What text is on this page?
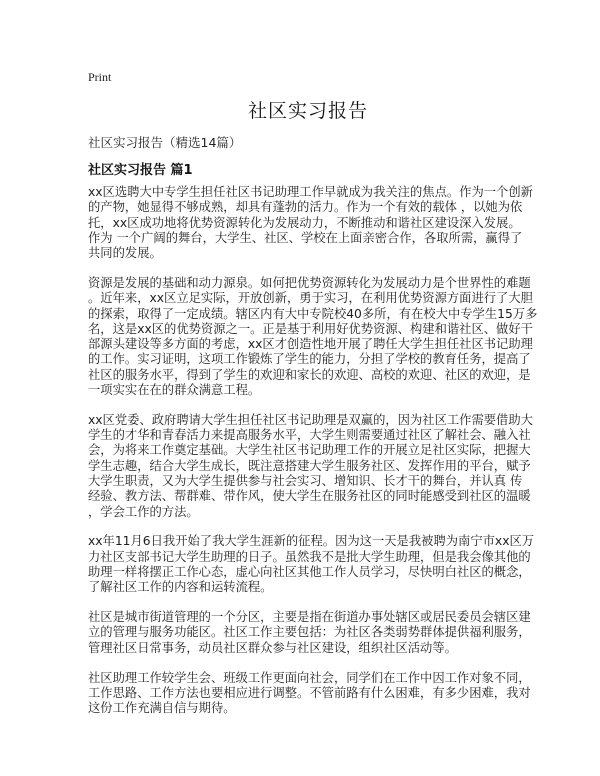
Print
社区实习报告
社区实习报告（精选14篇）
社区实习报告 篇1

xx区选聘大中专学生担任社区书记助理工作早就成为我关注的焦点。作为一个创新
的产物，她显得不够成熟，却具有蓬勃的活力。作为一个有效的载体 ，以她为依
托，xx区成功地将优势资源转化为发展动力，不断推动和谐社区建设深入发展。
作为 一个广阔的舞台，大学生、社区、学校在上面亲密合作，各取所需，赢得了
共同的发展。

资源是发展的基础和动力源泉。如何把优势资源转化为发展动力是个世界性的难题
。近年来，xx区立足实际，开放创新，勇于实习，在利用优势资源方面进行了大胆
的探索，取得了一定成绩。辖区内有大中专院校40多所，有在校大中专学生15万多
名，这是xx区的优势资源之一。正是基于利用好优势资源、构建和谐社区、做好干
部源头建设等多方面的考虑，xx区才创造性地开展了聘任大学生担任社区书记助理
的工作。实习证明，这项工作锻炼了学生的能力，分担了学校的教育任务，提高了
社区的服务水平，得到了学生的欢迎和家长的欢迎、高校的欢迎、社区的欢迎，是
一项实实在在的群众满意工程。

xx区党委、政府聘请大学生担任社区书记助理是双赢的，因为社区工作需要借助大
学生的才华和青春活力来提高服务水平，大学生则需要通过社区了解社会、融入社
会，为将来工作奠定基础。大学生社区书记助理工作的开展立足社区实际，把握大
学生志趣，结合大学生成长，既注意搭建大学生服务社区、发挥作用的平台，赋予
大学生职责，又为大学生提供参与社会实习、增知识、长才干的舞台，并认真 传
经验、教方法、帮群难、带作风，使大学生在服务社区的同时能感受到社区的温暖
，学会工作的方法。

xx年11月6日我开始了我大学生涯新的征程。因为这一天是我被聘为南宁市xx区万
力社区支部书记大学生助理的日子。虽然我不是批大学生助理，但是我会像其他的
助理一样将摆正工作心态，虚心向社区其他工作人员学习，尽快明白社区的概念，
了解社区工作的内容和运转流程。

社区是城市街道管理的一个分区，主要是指在街道办事处辖区或居民委员会辖区建
立的管理与服务功能区。社区工作主要包括：为社区各类弱势群体提供福利服务，
管理社区日常事务，动员社区群众参与社区建设，组织社区活动等。

社区助理工作较学生会、班级工作更面向社会，同学们在工作中因工作对象不同，
工作思路、工作方法也要相应进行调整。不管前路有什么困难，有多少困难，我对
这份工作充满自信与期待。
